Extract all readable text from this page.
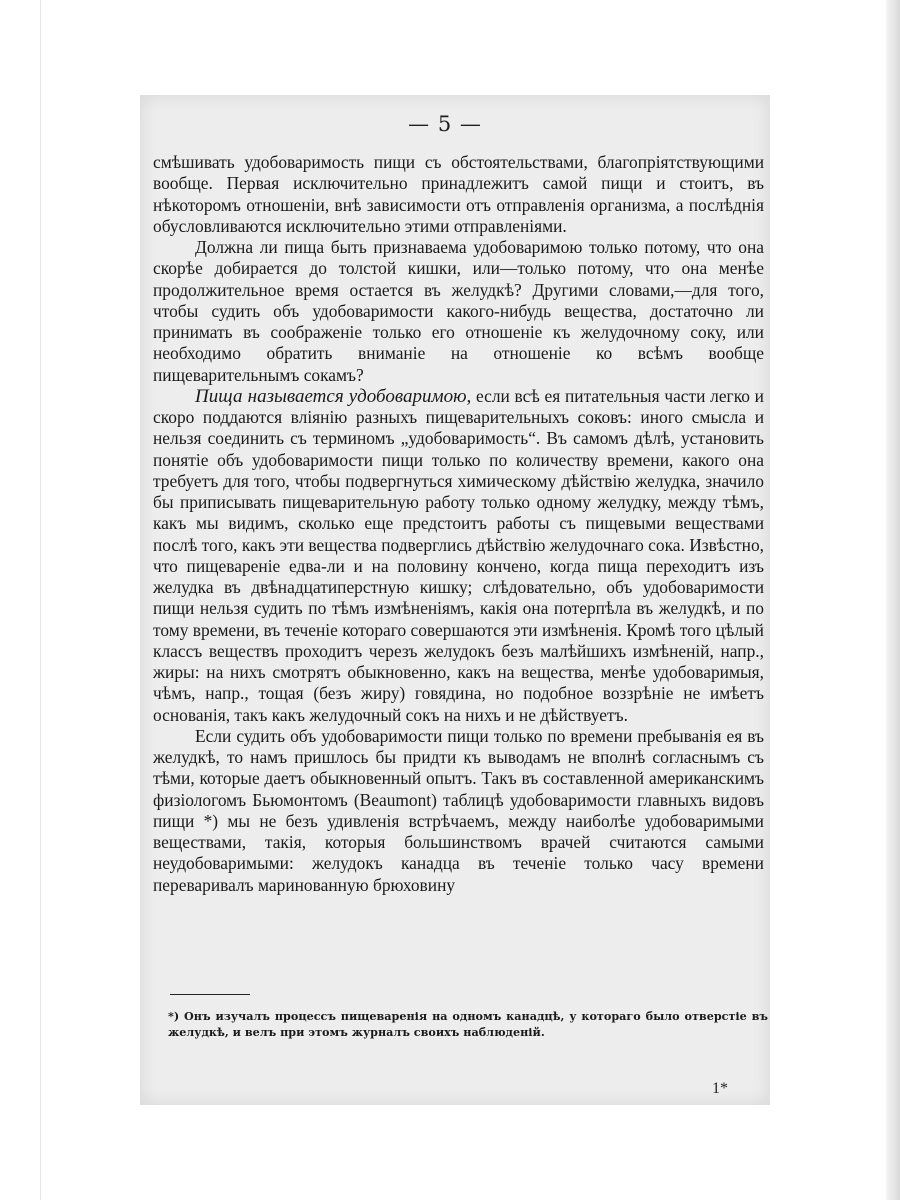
— 5 —

смѣшивать удобоваримость пищи съ обстоятельствами, благопріятствующими вообще. Первая исключительно принадлежитъ самой пищи и стоитъ, въ нѣкоторомъ отношеніи, внѣ зависимости отъ отправленія организма, а послѣднія обусловливаются исключительно этими отправленіями.

Должна ли пища быть признаваема удобоваримою только потому, что она скорѣе добирается до толстой кишки, или—только потому, что она менѣе продолжительное время остается въ желудкѣ? Другими словами,—для того, чтобы судить объ удобоваримости какого-нибудь вещества, достаточно ли принимать въ соображеніе только его отношеніе къ желудочному соку, или необходимо обратить вниманіе на отношеніе ко всѣмъ вообще пищеварительнымъ сокамъ?

Пища называется удобоваримою, если всѣ ея питательныя части легко и скоро поддаются вліянію разныхъ пищеварительныхъ соковъ: иного смысла и нельзя соединить съ терминомъ „удобоваримость“. Въ самомъ дѣлѣ, установить понятіе объ удобоваримости пищи только по количеству времени, какого она требуетъ для того, чтобы подвергнуться химическому дѣйствію желудка, значило бы приписывать пищеварительную работу только одному желудку, между тѣмъ, какъ мы видимъ, сколько еще предстоитъ работы съ пищевыми веществами послѣ того, какъ эти вещества подверглись дѣйствію желудочнаго сока. Извѣстно, что пищевареніе едва-ли и на половину кончено, когда пища переходитъ изъ желудка въ двѣнадцатиперстную кишку; слѣдовательно, объ удобоваримости пищи нельзя судить по тѣмъ измѣненіямъ, какія она потерпѣла въ желудкѣ, и по тому времени, въ теченіе котораго совершаются эти измѣненія. Кромѣ того цѣлый классъ веществъ проходитъ черезъ желудокъ безъ малѣйшихъ измѣненій, напр., жиры: на нихъ смотрятъ обыкновенно, какъ на вещества, менѣе удобоваримыя, чѣмъ, напр., тощая (безъ жиру) говядина, но подобное воззрѣніе не имѣетъ основанія, такъ какъ желудочный сокъ на нихъ и не дѣйствуетъ.

Если судить объ удобоваримости пищи только по времени пребыванія ея въ желудкѣ, то намъ пришлось бы придти къ выводамъ не вполнѣ согласнымъ съ тѣми, которые даетъ обыкновенный опытъ. Такъ въ составленной американскимъ физіологомъ Бьюмонтомъ (Beaumont) таблицѣ удобоваримости главныхъ видовъ пищи *) мы не безъ удивленія встрѣчаемъ, между наиболѣе удобоваримыми веществами, такія, которыя большинствомъ врачей считаются самыми неудобоваримыми: желудокъ канадца въ теченіе только часу времени переваривалъ маринованную брюховину

*) Онъ изучалъ процессъ пищеваренія на одномъ канадцѣ, у котораго было отверстіе въ желудкѣ, и велъ при этомъ журналъ своихъ наблюденій.
1*
